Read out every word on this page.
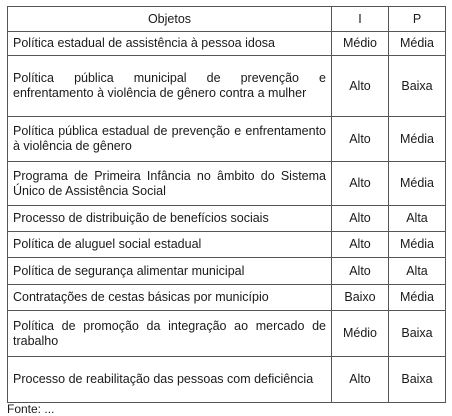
Objetos	I	P
Política estadual de assistência à pessoa idosa	Médio	Média
Política pública municipal de prevenção e enfrentamento à violência de gênero contra a mulher	Alto	Baixa
Política pública estadual de prevenção e enfrentamento à violência de gênero	Alto	Média
Programa de Primeira Infância no âmbito do Sistema Único de Assistência Social	Alto	Média
Processo de distribuição de benefícios sociais	Alto	Alta
Política de aluguel social estadual	Alto	Média
Política de segurança alimentar municipal	Alto	Alta
Contratações de cestas básicas por município	Baixo	Média
Política de promoção da integração ao mercado de trabalho	Médio	Baixa
Processo de reabilitação das pessoas com deficiência	Alto	Baixa
Fonte: ...
